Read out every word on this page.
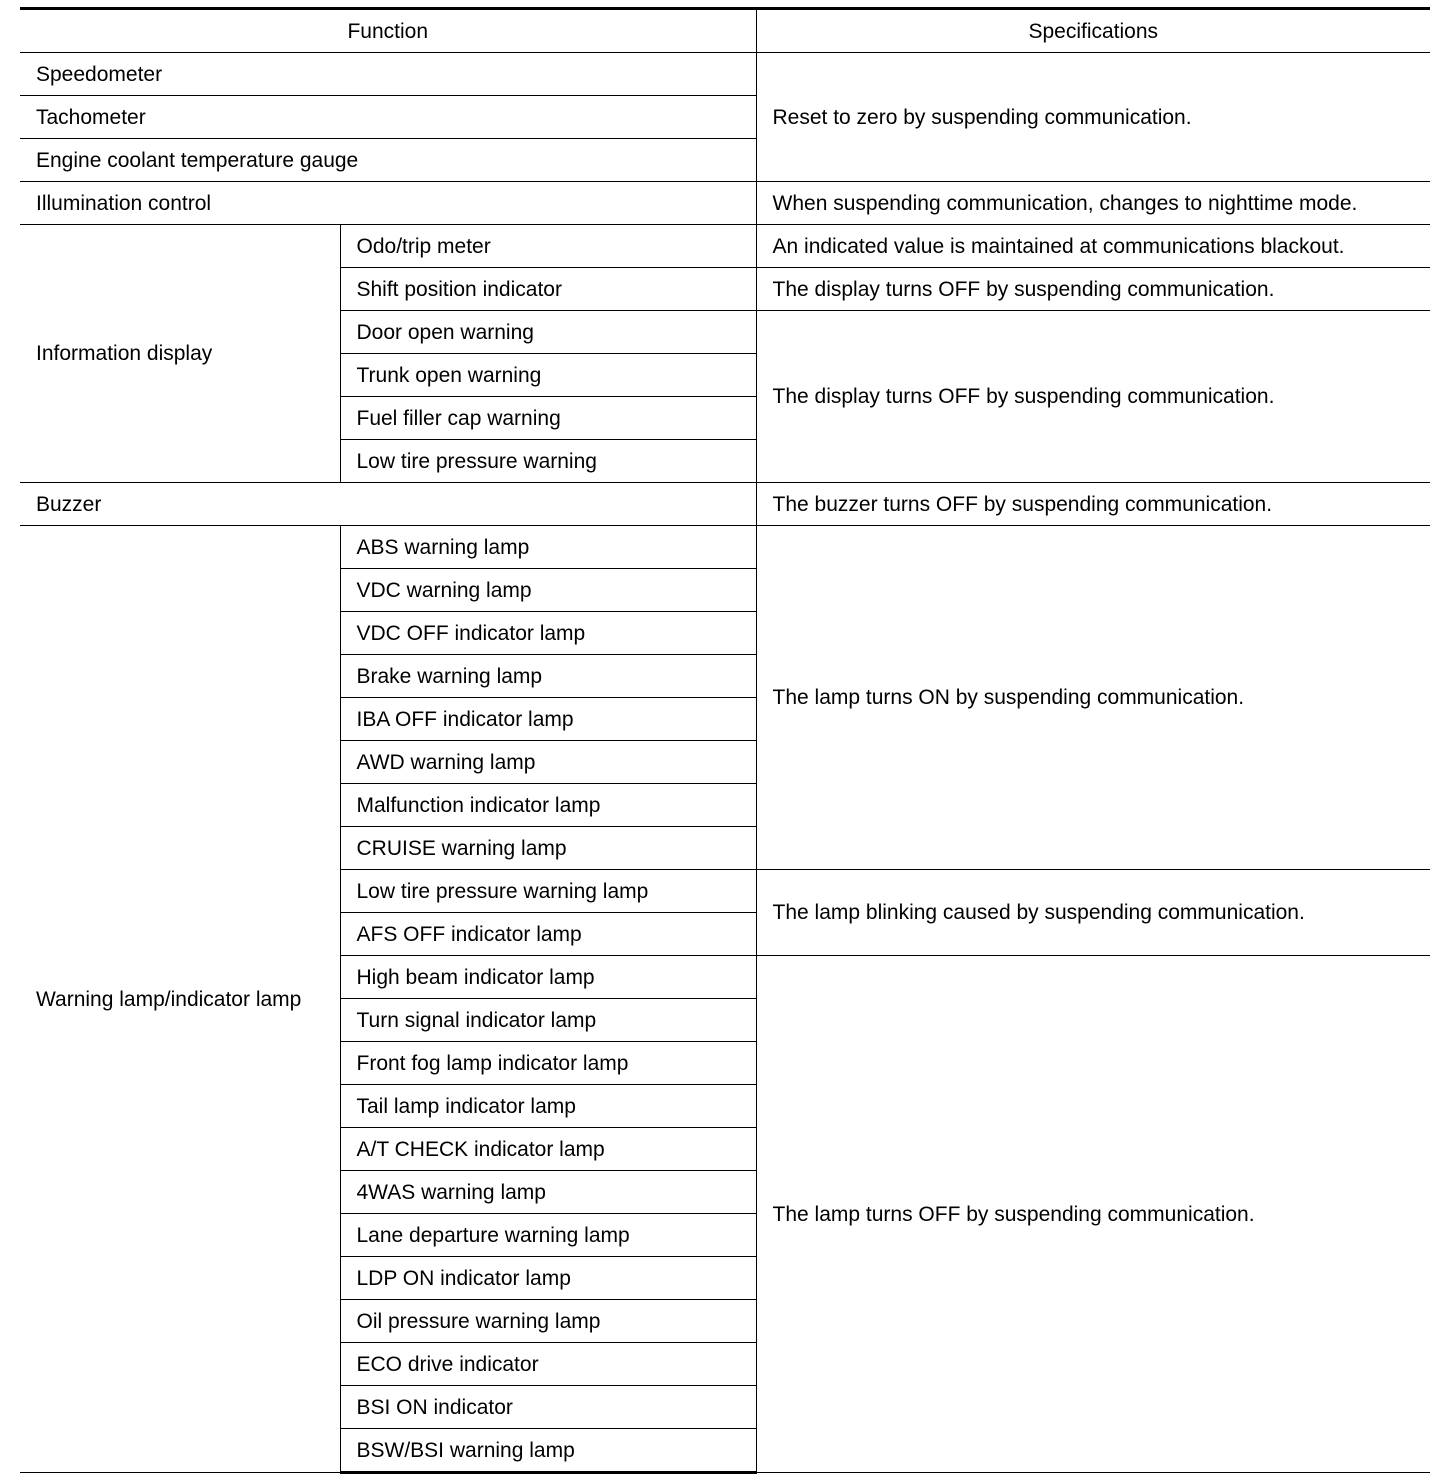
Function		Specifications
Speedometer		Reset to zero by suspending communication.
Tachometer		
Engine coolant temperature gauge		
Illumination control		When suspending communication, changes to nighttime mode.
Information display	Odo/trip meter	An indicated value is maintained at communications blackout.
	Shift position indicator	The display turns OFF by suspending communication.
	Door open warning	The display turns OFF by suspending communication.
	Trunk open warning	
	Fuel filler cap warning	
	Low tire pressure warning	
Buzzer		The buzzer turns OFF by suspending communication.
Warning lamp/indicator lamp	ABS warning lamp	The lamp turns ON by suspending communication.
	VDC warning lamp	
	VDC OFF indicator lamp	
	Brake warning lamp	
	IBA OFF indicator lamp	
	AWD warning lamp	
	Malfunction indicator lamp	
	CRUISE warning lamp	
	Low tire pressure warning lamp	The lamp blinking caused by suspending communication.
	AFS OFF indicator lamp	
	High beam indicator lamp	The lamp turns OFF by suspending communication.
	Turn signal indicator lamp	
	Front fog lamp indicator lamp	
	Tail lamp indicator lamp	
	A/T CHECK indicator lamp	
	4WAS warning lamp	
	Lane departure warning lamp	
	LDP ON indicator lamp	
	Oil pressure warning lamp	
	ECO drive indicator	
	BSI ON indicator	
	BSW/BSI warning lamp	
